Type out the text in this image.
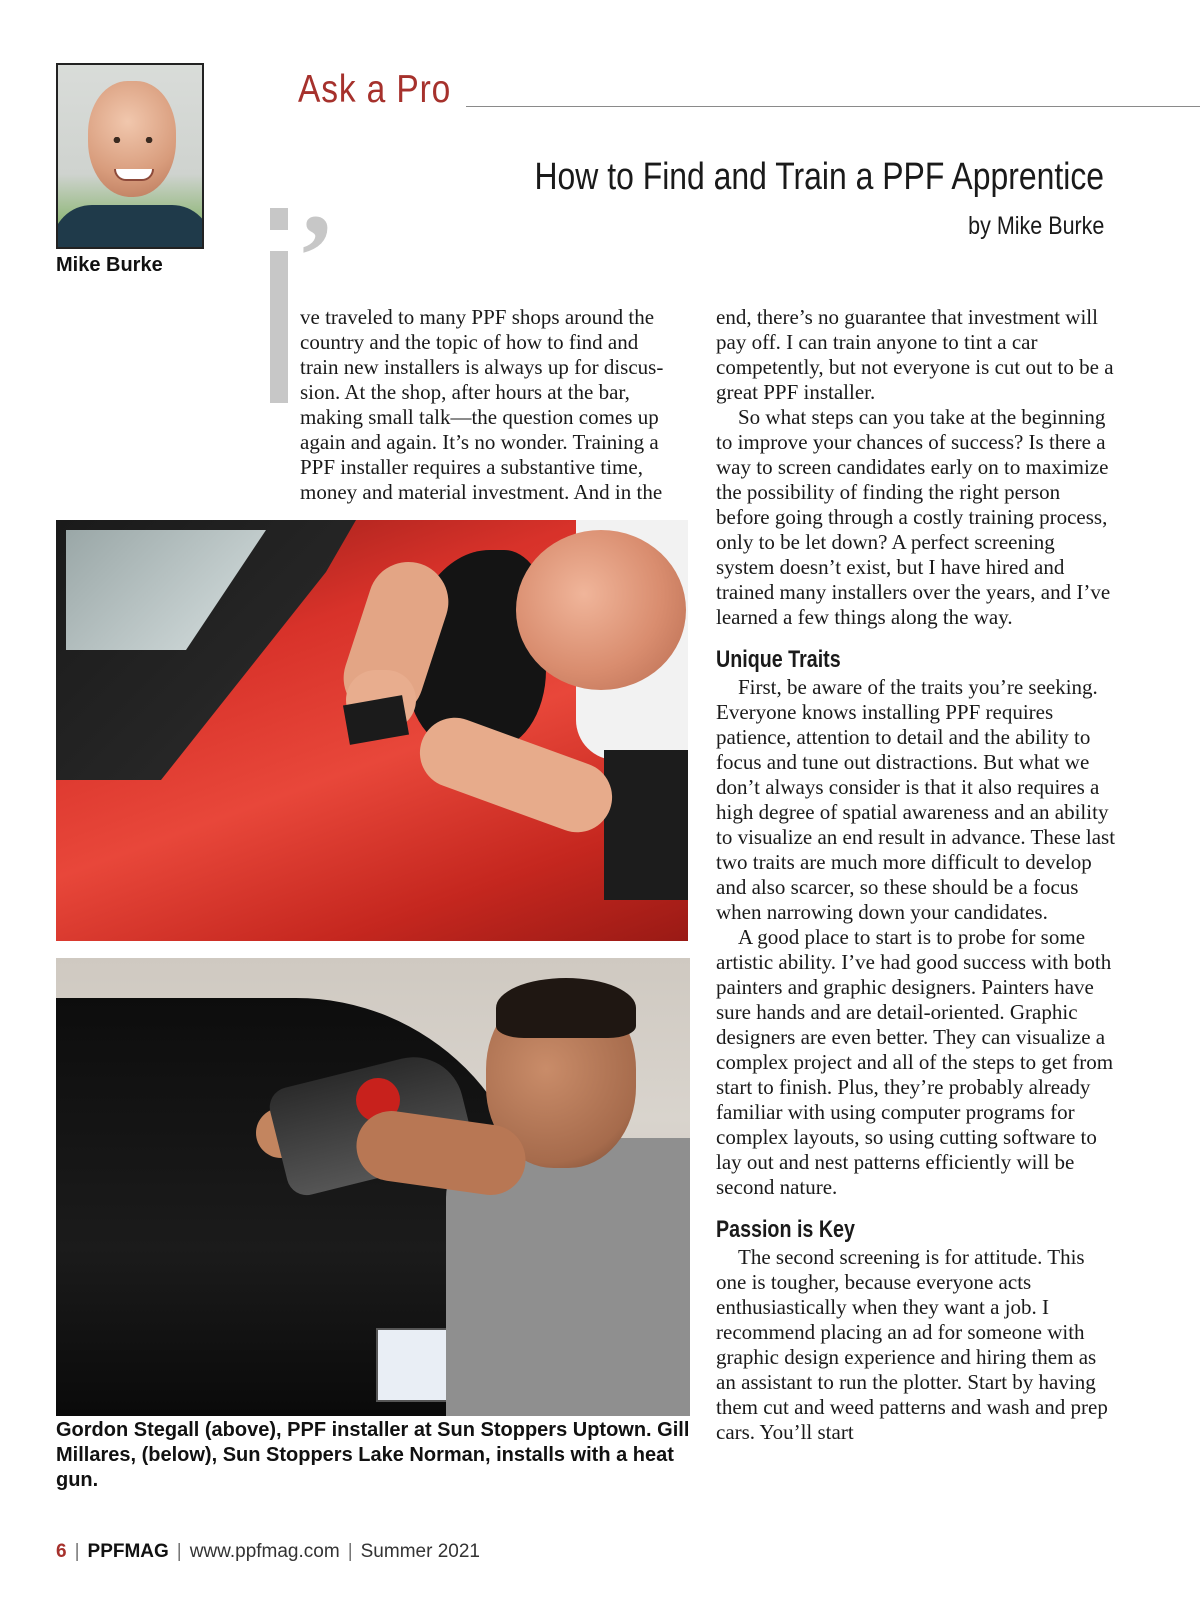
Ask a Pro
Mike Burke
How to Find and Train a PPF Apprentice
by Mike Burke
’
ve traveled to many PPF shops around the
country and the topic of how to find and
train new installers is always up for discus-
sion. At the shop, after hours at the bar,
making small talk—the question comes up
again and again. It’s no wonder. Training a
PPF installer requires a substantive time,
money and material investment. And in the

end, there’s no guarantee that investment will pay off. I can train anyone to tint a car competently, but not everyone is cut out to be a great PPF installer.

So what steps can you take at the beginning to improve your chances of success? Is there a way to screen candidates early on to maximize the possibility of finding the right person before going through a costly training process, only to be let down? A perfect screening system doesn’t exist, but I have hired and trained many installers over the years, and I’ve learned a few things along the way.

Unique Traits

First, be aware of the traits you’re seeking. Everyone knows installing PPF requires patience, attention to detail and the ability to focus and tune out distractions. But what we don’t always consider is that it also requires a high degree of spatial awareness and an ability to visualize an end result in advance. These last two traits are much more difficult to develop and also scarcer, so these should be a focus when narrowing down your candidates.

A good place to start is to probe for some artistic ability. I’ve had good success with both painters and graphic designers. Painters have sure hands and are detail-oriented. Graphic designers are even better. They can visualize a complex project and all of the steps to get from start to finish. Plus, they’re probably already familiar with using computer programs for complex layouts, so using cutting software to lay out and nest patterns efficiently will be second nature.

Passion is Key

The second screening is for attitude. This one is tougher, because everyone acts enthusiastically when they want a job. I recommend placing an ad for someone with graphic design experience and hiring them as an assistant to run the plotter. Start by having them cut and weed patterns and wash and prep cars. You’ll start

Gordon Stegall (above), PPF installer at Sun Stoppers Uptown. Gill Millares, (below), Sun Stoppers Lake Norman, installs with a heat gun.
6 | PPFMAG | www.ppfmag.com | Summer 2021
